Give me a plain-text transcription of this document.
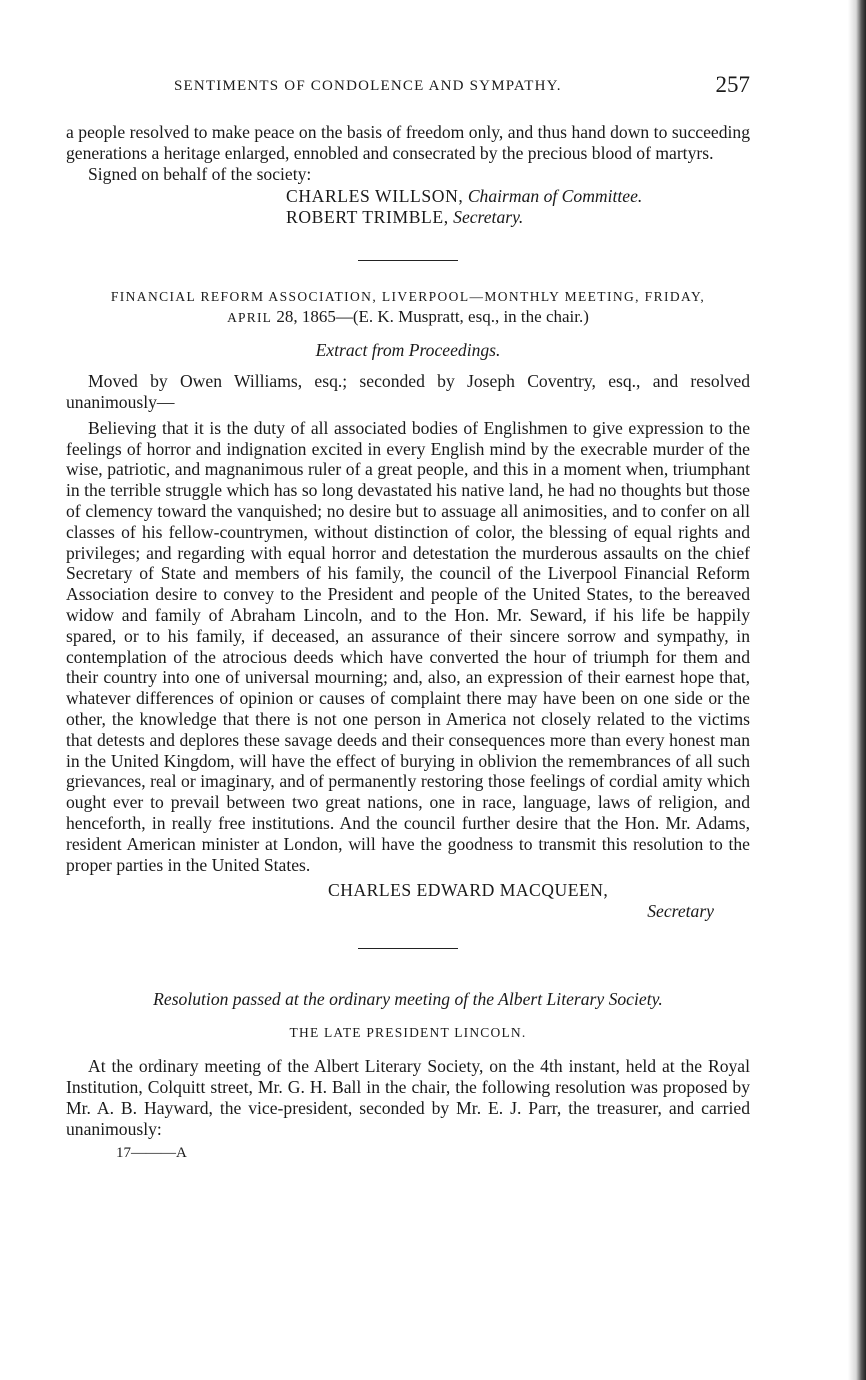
SENTIMENTS OF CONDOLENCE AND SYMPATHY.	257

a people resolved to make peace on the basis of freedom only, and thus hand down to succeeding generations a heritage enlarged, ennobled and consecrated by the precious blood of martyrs.

Signed on behalf of the society:

CHARLES WILLSON, Chairman of Committee.
ROBERT TRIMBLE, Secretary.

FINANCIAL REFORM ASSOCIATION, LIVERPOOL—MONTHLY MEETING, FRIDAY,

APRIL 28, 1865—(E. K. Muspratt, esq., in the chair.)

Extract from Proceedings.

Moved by Owen Williams, esq.; seconded by Joseph Coventry, esq., and resolved unanimously—

Believing that it is the duty of all associated bodies of Englishmen to give expression to the feelings of horror and indignation excited in every English mind by the execrable murder of the wise, patriotic, and magnanimous ruler of a great people, and this in a moment when, triumphant in the terrible struggle which has so long devastated his native land, he had no thoughts but those of clemency toward the vanquished; no desire but to assuage all animosities, and to confer on all classes of his fellow-countrymen, without distinction of color, the blessing of equal rights and privileges; and regarding with equal horror and detestation the murderous assaults on the chief Secretary of State and members of his family, the council of the Liverpool Financial Reform Association desire to convey to the President and people of the United States, to the bereaved widow and family of Abraham Lincoln, and to the Hon. Mr. Seward, if his life be happily spared, or to his family, if deceased, an assurance of their sincere sorrow and sympathy, in contemplation of the atrocious deeds which have converted the hour of triumph for them and their country into one of universal mourning; and, also, an expression of their earnest hope that, whatever differences of opinion or causes of complaint there may have been on one side or the other, the knowledge that there is not one person in America not closely related to the victims that detests and deplores these savage deeds and their consequences more than every honest man in the United Kingdom, will have the effect of burying in oblivion the remembrances of all such grievances, real or imaginary, and of permanently restoring those feelings of cordial amity which ought ever to prevail between two great nations, one in race, language, laws of religion, and henceforth, in really free institutions. And the council further desire that the Hon. Mr. Adams, resident American minister at London, will have the goodness to transmit this resolution to the proper parties in the United States.

CHARLES EDWARD MACQUEEN,
Secretary

Resolution passed at the ordinary meeting of the Albert Literary Society.

THE LATE PRESIDENT LINCOLN.

At the ordinary meeting of the Albert Literary Society, on the 4th instant, held at the Royal Institution, Colquitt street, Mr. G. H. Ball in the chair, the following resolution was proposed by Mr. A. B. Hayward, the vice-president, seconded by Mr. E. J. Parr, the treasurer, and carried unanimously:

17———A
